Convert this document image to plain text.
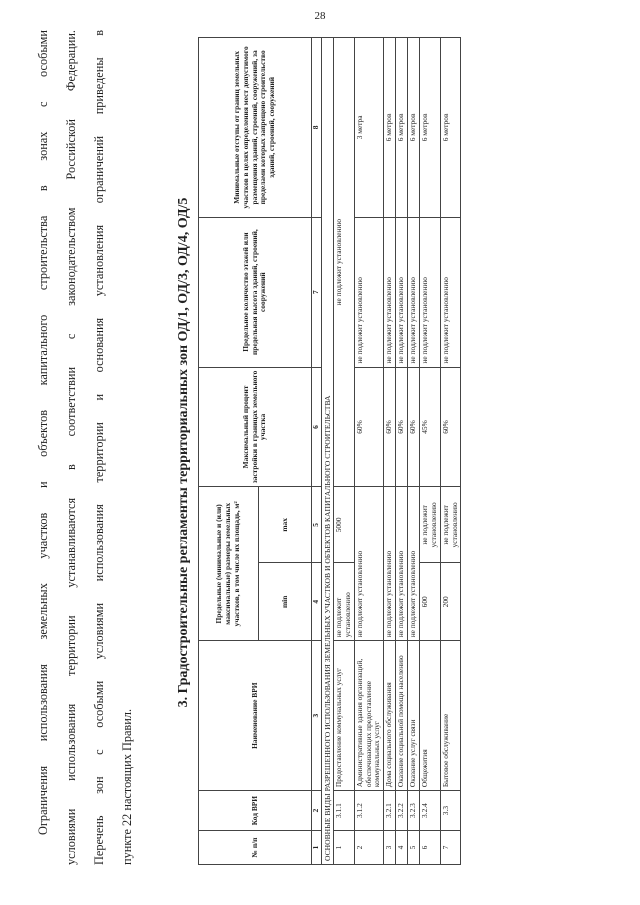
28
Ограничения использования земельных участков и объектов капитального строительства в зонах с особыми условиями использования территории устанавливаются в соответствии с законодательством Российской Федерации. Перечень зон с особыми условиями использования территории и основания установления ограничений приведены в пункте 22 настоящих Правил.
3. Градостроительные регламенты территориальных зон ОД/1, ОД/3, ОД/4, ОД/5
№ п/п	Код ВРИ	Наименование ВРИ	Предельные (минимальные и (или) максимальные) размеры земельных участков, в том числе их площадь, м²		Максимальный процент застройки в границах земельного участка	Предельное количество этажей или предельная высота зданий, строений, сооружений	Минимальные отступы от границ земельных участков в целях определения мест допустимого размещения зданий, строений, сооружений, за пределами которых запрещено строительство зданий, строений, сооружений
			min	max			
1	2	3	4	5	6	7	8
ОСНОВНЫЕ ВИДЫ РАЗРЕШЕННОГО ИСПОЛЬЗОВАНИЯ ЗЕМЕЛЬНЫХ УЧАСТКОВ И ОБЪЕКТОВ КАПИТАЛЬНОГО СТРОИТЕЛЬСТВА							
1	3.1.1	Предоставление коммунальных услуг	не подлежит установлению	5000	не подлежит установлению		
2	3.1.2	Административные здания организаций, обеспечивающих предоставление коммунальных услуг	не подлежит установлению		60%	не подлежит установлению	3 метра
3	3.2.1	Дома социального обслуживания	не подлежит установлению		60%	не подлежит установлению	6 метров
4	3.2.2	Оказание социальной помощи населению	не подлежит установлению		60%	не подлежит установлению	6 метров
5	3.2.3	Оказание услуг связи	не подлежит установлению		60%	не подлежит установлению	6 метров
6	3.2.4	Общежития	600	не подлежит установлению	45%	не подлежит установлению	6 метров
7	3.3	Бытовое обслуживание	200	не подлежит установлению	60%	не подлежит установлению	6 метров
